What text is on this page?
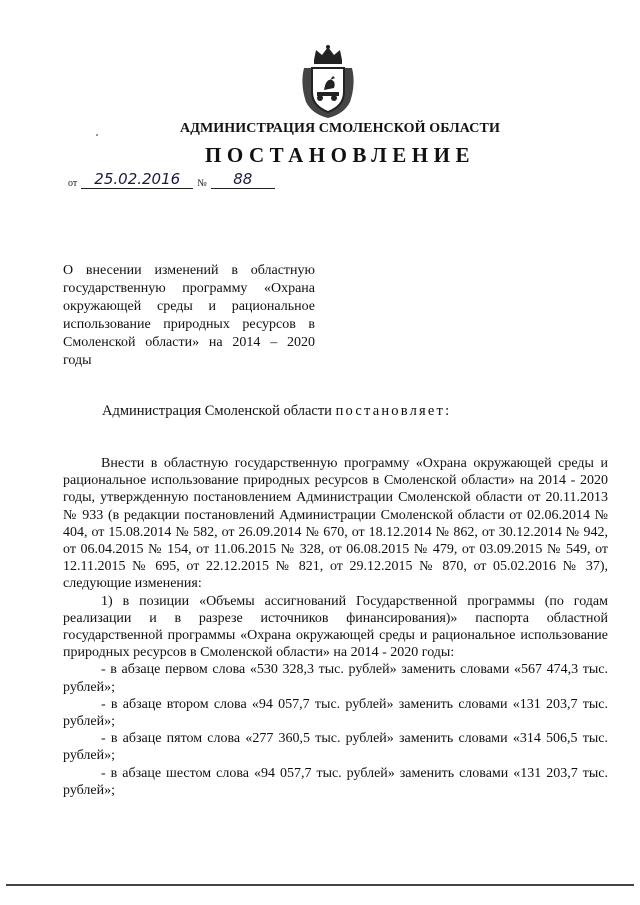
АДМИНИСТРАЦИЯ СМОЛЕНСКОЙ ОБЛАСТИ
ПОСТАНОВЛЕНИЕ
от 25.02.2016 № 88
О внесении изменений в областную государственную программу «Охрана окружающей среды и рациональное использование природных ресурсов в Смоленской области» на 2014 – 2020 годы
Администрация Смоленской области постановляет:

Внести в областную государственную программу «Охрана окружающей среды и рациональное использование природных ресурсов в Смоленской области» на 2014 - 2020 годы, утвержденную постановлением Администрации Смоленской области от 20.11.2013 № 933 (в редакции постановлений Администрации Смоленской области от 02.06.2014 № 404, от 15.08.2014 № 582, от 26.09.2014 № 670, от 18.12.2014 № 862, от 30.12.2014 № 942, от 06.04.2015 № 154, от 11.06.2015 № 328, от 06.08.2015 № 479, от 03.09.2015 № 549, от 12.11.2015 № 695, от 22.12.2015 № 821, от 29.12.2015 № 870, от 05.02.2016 № 37), следующие изменения:

1) в позиции «Объемы ассигнований Государственной программы (по годам реализации и в разрезе источников финансирования)» паспорта областной государственной программы «Охрана окружающей среды и рациональное использование природных ресурсов в Смоленской области» на 2014 - 2020 годы:

- в абзаце первом слова «530 328,3 тыс. рублей» заменить словами «567 474,3 тыс. рублей»;

- в абзаце втором слова «94 057,7 тыс. рублей» заменить словами «131 203,7 тыс. рублей»;

- в абзаце пятом слова «277 360,5 тыс. рублей» заменить словами «314 506,5 тыс. рублей»;

- в абзаце шестом слова «94 057,7 тыс. рублей» заменить словами «131 203,7 тыс. рублей»;
